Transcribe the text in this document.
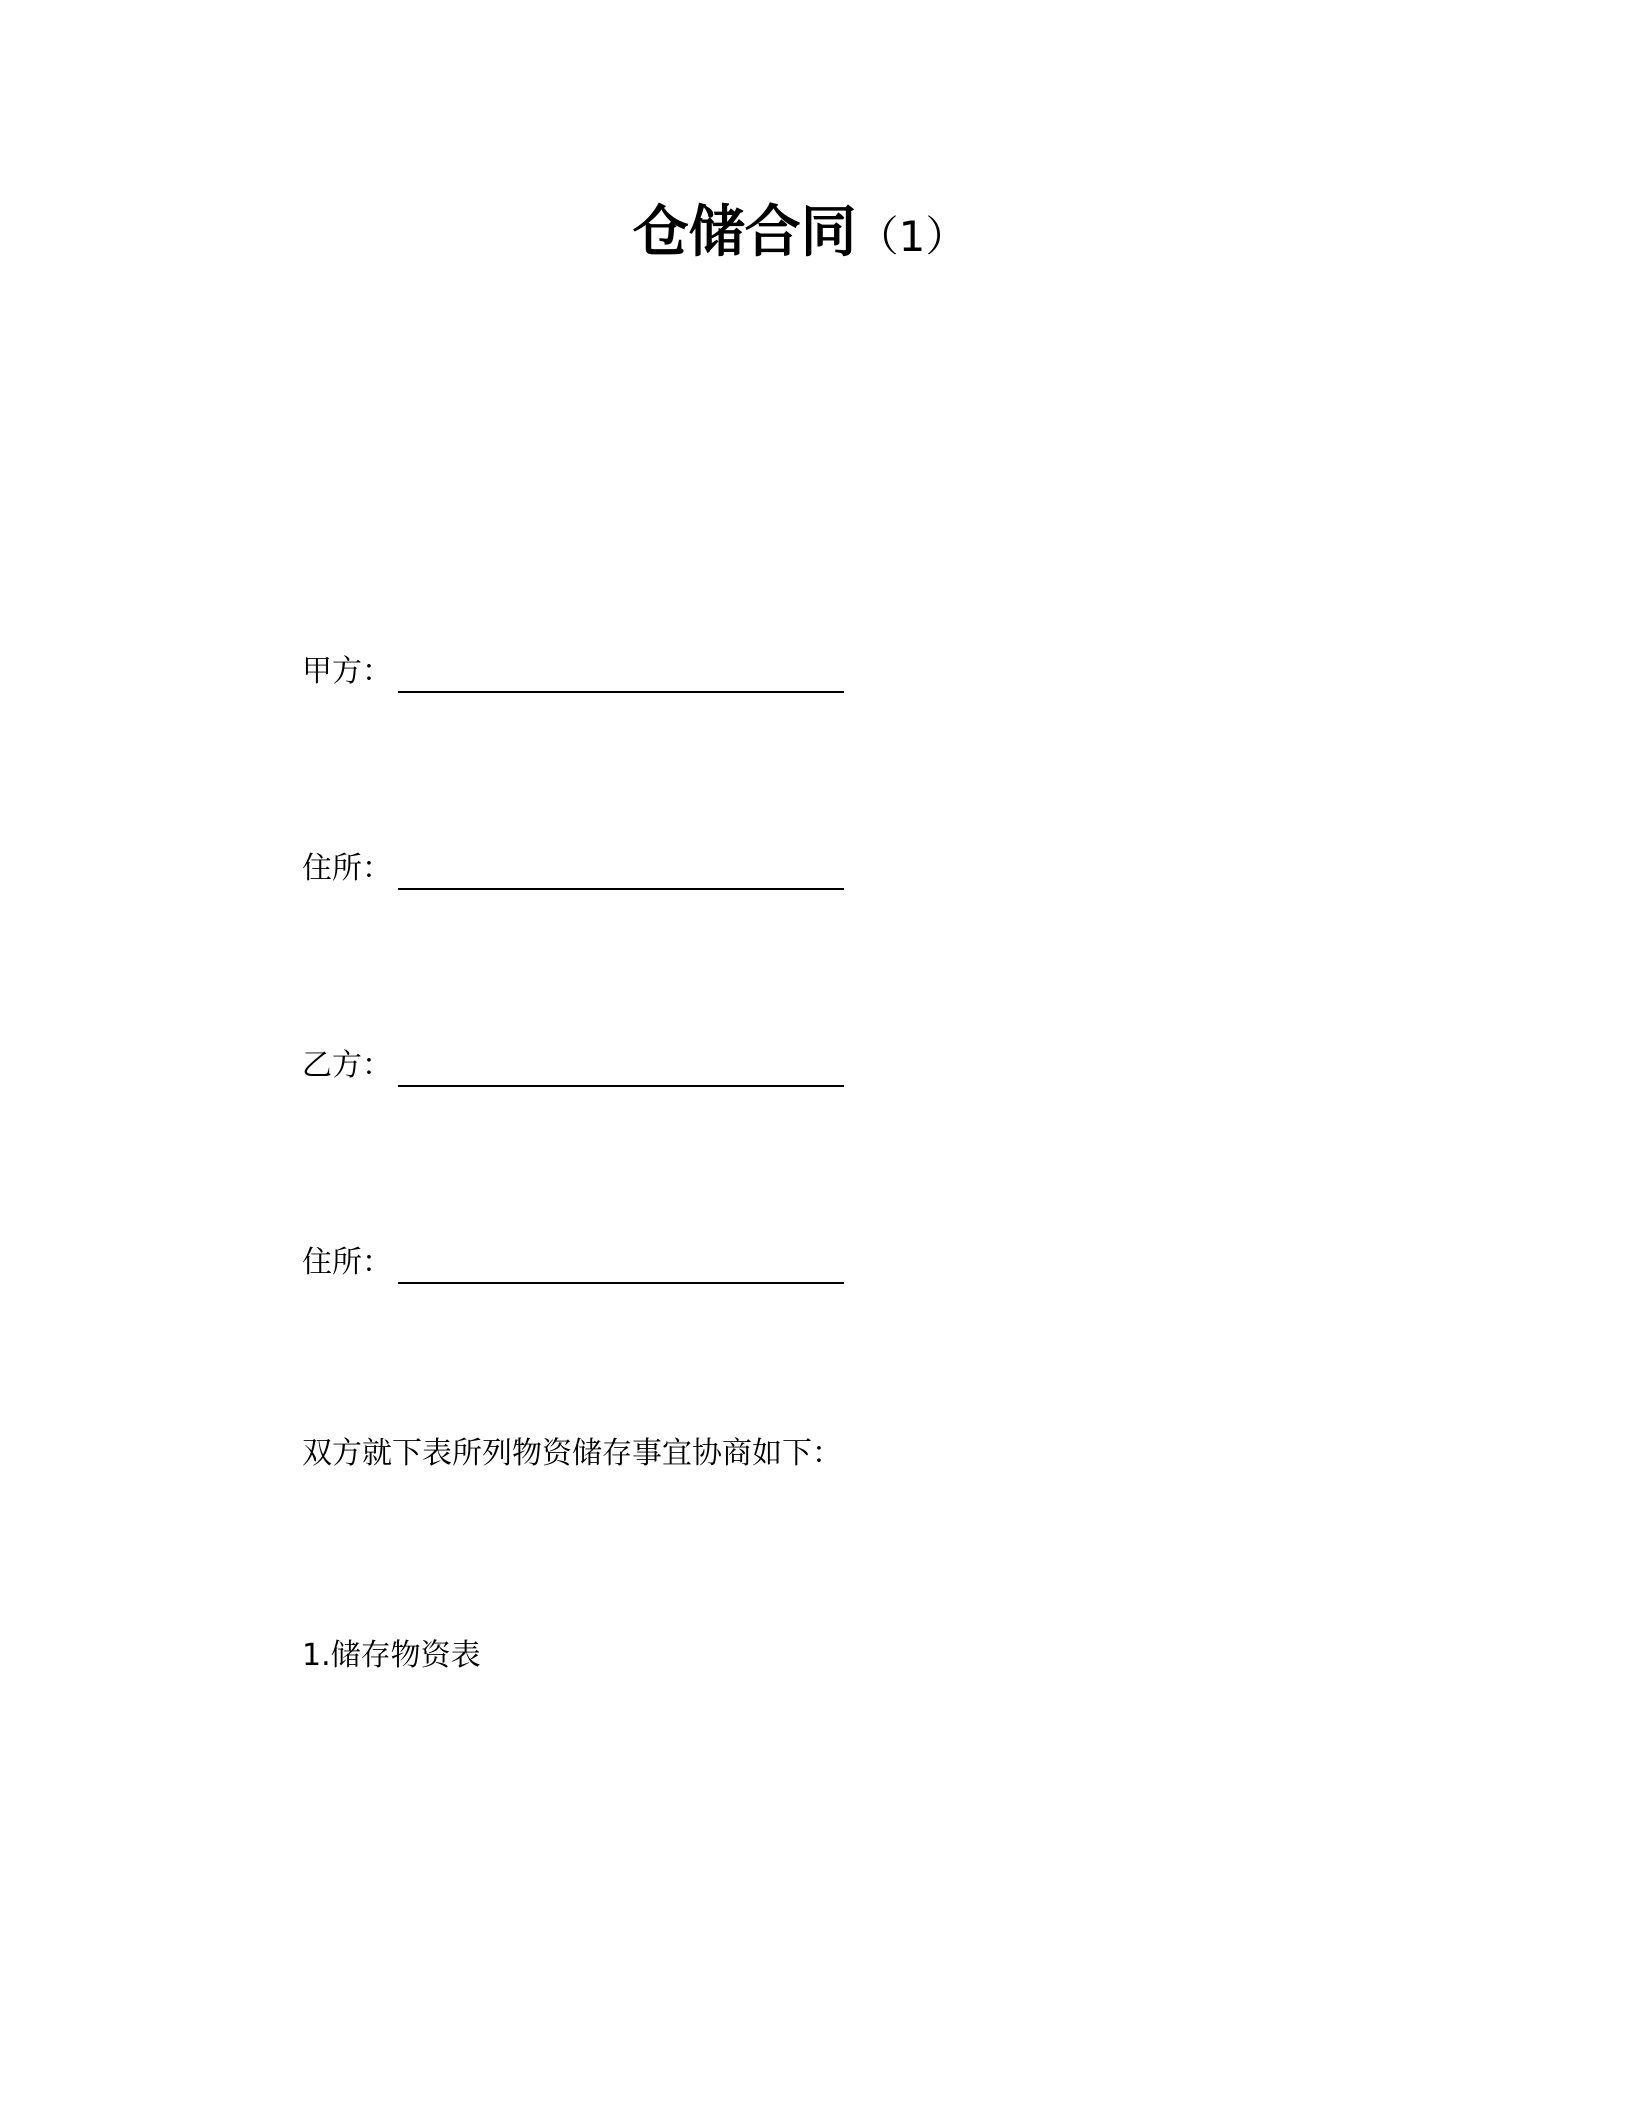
仓储合同（1）
甲方：
住所：
乙方：
住所：
双方就下表所列物资储存事宜协商如下：
1.储存物资表
